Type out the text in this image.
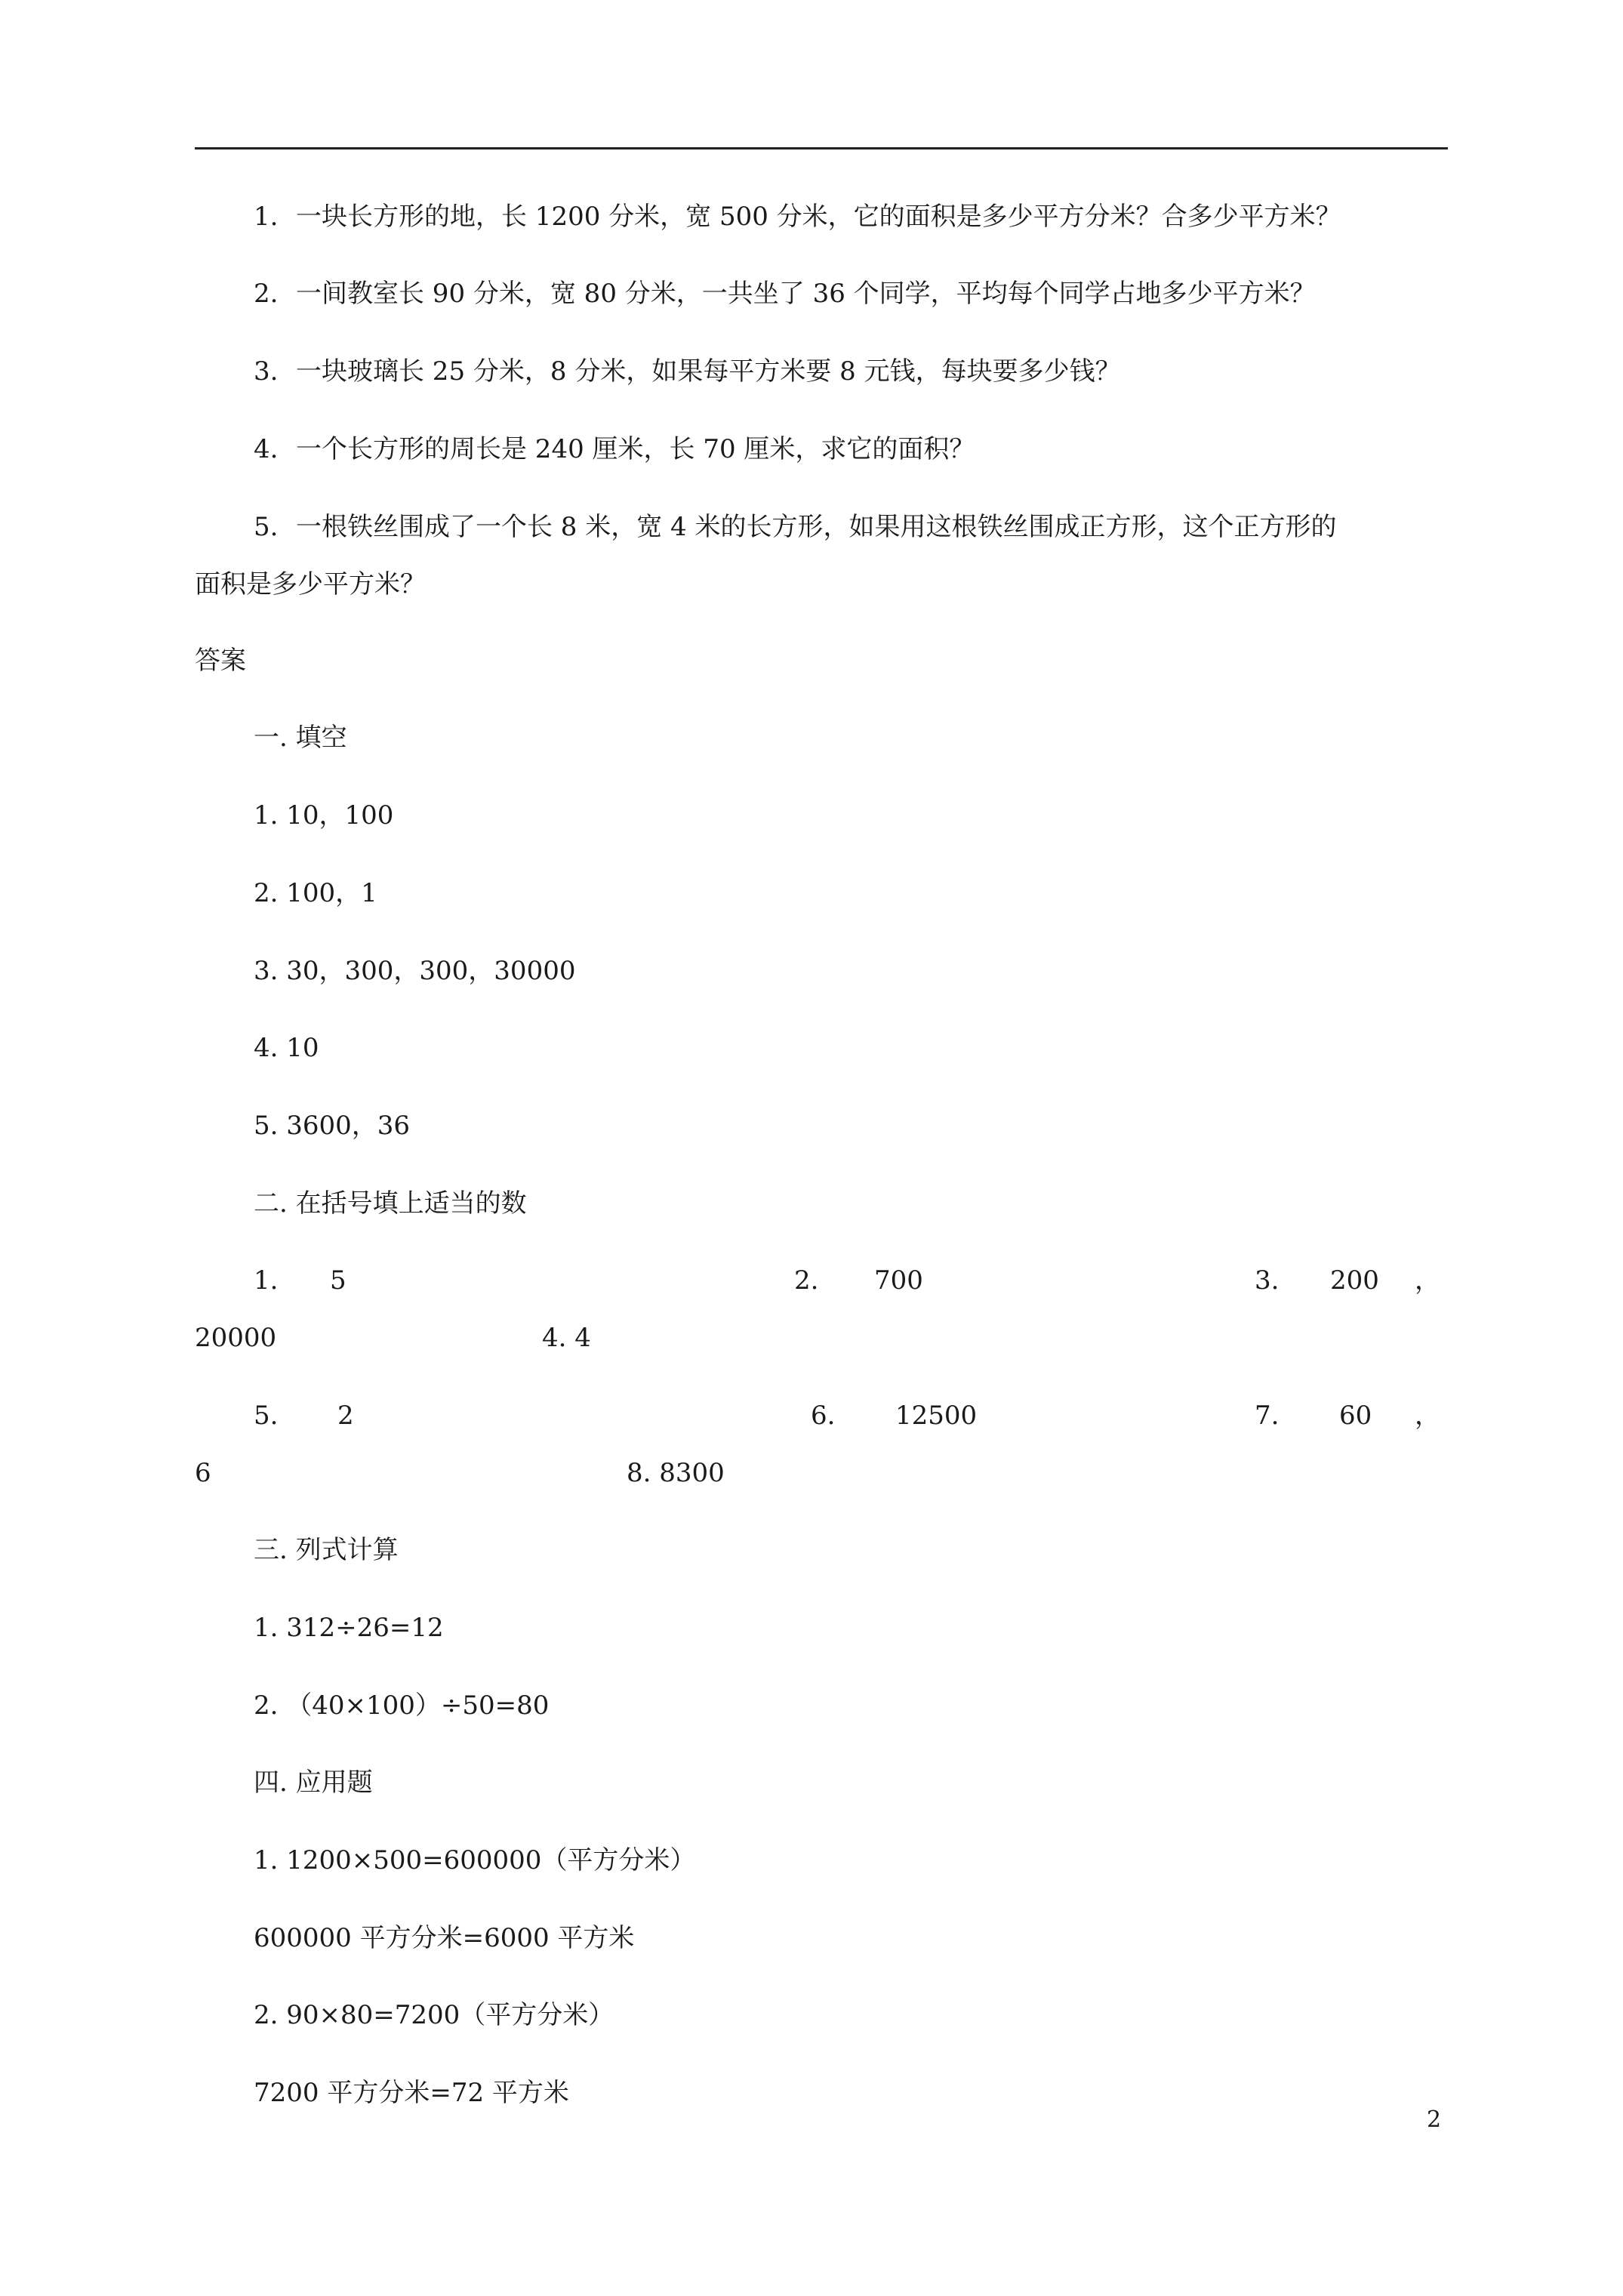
1. 一块长方形的地，长 1200 分米，宽 500 分米，它的面积是多少平方分米？合多少平方米？
2. 一间教室长 90 分米，宽 80 分米，一共坐了 36 个同学，平均每个同学占地多少平方米？
3. 一块玻璃长 25 分米，8 分米，如果每平方米要 8 元钱，每块要多少钱？
4. 一个长方形的周长是 240 厘米，长 70 厘米，求它的面积？
5. 一根铁丝围成了一个长 8 米，宽 4 米的长方形，如果用这根铁丝围成正方形，这个正方形的
面积是多少平方米？
答案
一. 填空
1. 10，100
2. 100，1
3. 30，300，300，30000
4. 10
5. 3600，36
二. 在括号填上适当的数
1. 5	2. 700	3. 200 ，
20000	4. 4
5. 2	6. 12500	7. 60 ，
6	8. 8300
三. 列式计算
1. 312÷26=12
2. （40×100）÷50=80
四. 应用题
1. 1200×500=600000（平方分米）
600000 平方分米=6000 平方米
2. 90×80=7200（平方分米）
7200 平方分米=72 平方米
2
